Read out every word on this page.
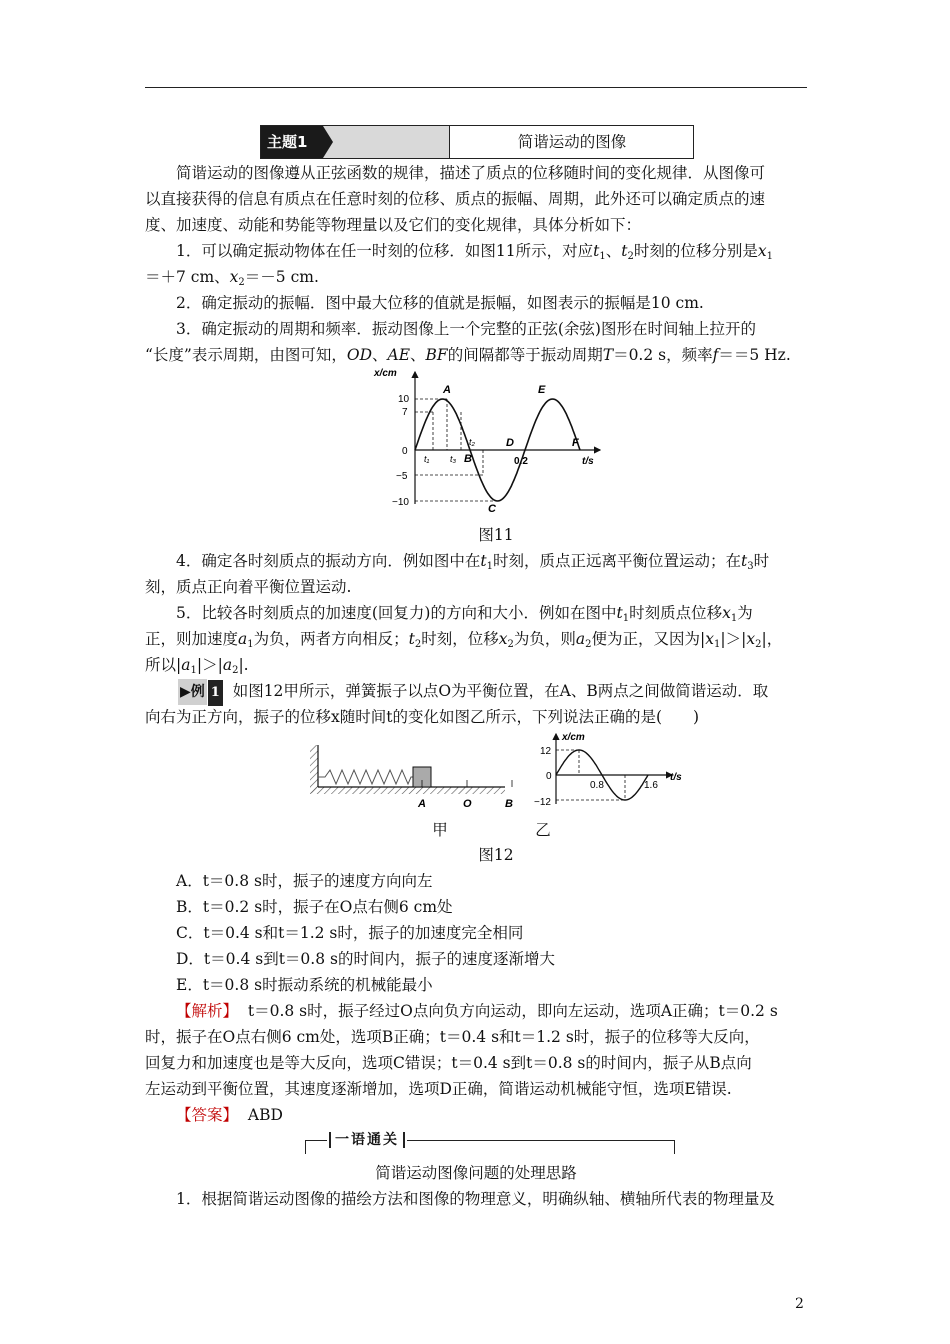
主题1	简谐运动的图像
简谐运动的图像遵从正弦函数的规律，描述了质点的位移随时间的变化规律．从图像可
以直接获得的信息有质点在任意时刻的位移、质点的振幅、周期，此外还可以确定质点的速
度、加速度、动能和势能等物理量以及它们的变化规律，具体分析如下：
1．可以确定振动物体在任一时刻的位移．如图11所示，对应$t_1$、$t_2$时刻的位移分别是$x_1$
＝＋7 cm、$x_2=-5$ cm.
2．确定振动的振幅．图中最大位移的值就是振幅，如图表示的振幅是10 cm.
3．确定振动的周期和频率．振动图像上一个完整的正弦(余弦)图形在时间轴上拉开的
“长度”表示周期，由图可知，OD、AE、BF的间隔都等于振动周期T＝0.2 s，频率f＝＝5 Hz.
x/cm
t/s
10
7
0
−5
−10
A
B
C
D
E
F
t₁ t₃
t₂
0.2
图11
4．确定各时刻质点的振动方向．例如图中在$t_1$时刻，质点正远离平衡位置运动；在$t_3$时
刻，质点正向着平衡位置运动.
5．比较各时刻质点的加速度(回复力)的方向和大小．例如在图中$t_1$时刻质点位移$x_1$为
正，则加速度$a_1$为负，两者方向相反；$t_2$时刻，位移$x_2$为负，则$a_2$便为正，又因为$|x_1|>|x_2|$，
所以$|a_1|>|a_2|$.
▶例 1 如图12甲所示，弹簧振子以点O为平衡位置，在A、B两点之间做简谐运动．取
向右为正方向，振子的位移x随时间t的变化如图乙所示，下列说法正确的是(　　)
A	O	B
x/cm
t/s
12
0
−12
0.8	1.6
甲	乙
图12
A．t＝0.8 s时，振子的速度方向向左
B．t＝0.2 s时，振子在O点右侧6 cm处
C．t＝0.4 s和t＝1.2 s时，振子的加速度完全相同
D．t＝0.4 s到t＝0.8 s的时间内，振子的速度逐渐增大
E．t＝0.8 s时振动系统的机械能最小
【解析】 t＝0.8 s时，振子经过O点向负方向运动，即向左运动，选项A正确；t＝0.2 s
时，振子在O点右侧6 cm处，选项B正确；t＝0.4 s和t＝1.2 s时，振子的位移等大反向，
回复力和加速度也是等大反向，选项C错误；t＝0.4 s到t＝0.8 s的时间内，振子从B点向
左运动到平衡位置，其速度逐渐增加，选项D正确，简谐运动机械能守恒，选项E错误.
【答案】 ABD
一语通关
简谐运动图像问题的处理思路
1．根据简谐运动图像的描绘方法和图像的物理意义，明确纵轴、横轴所代表的物理量及
2
